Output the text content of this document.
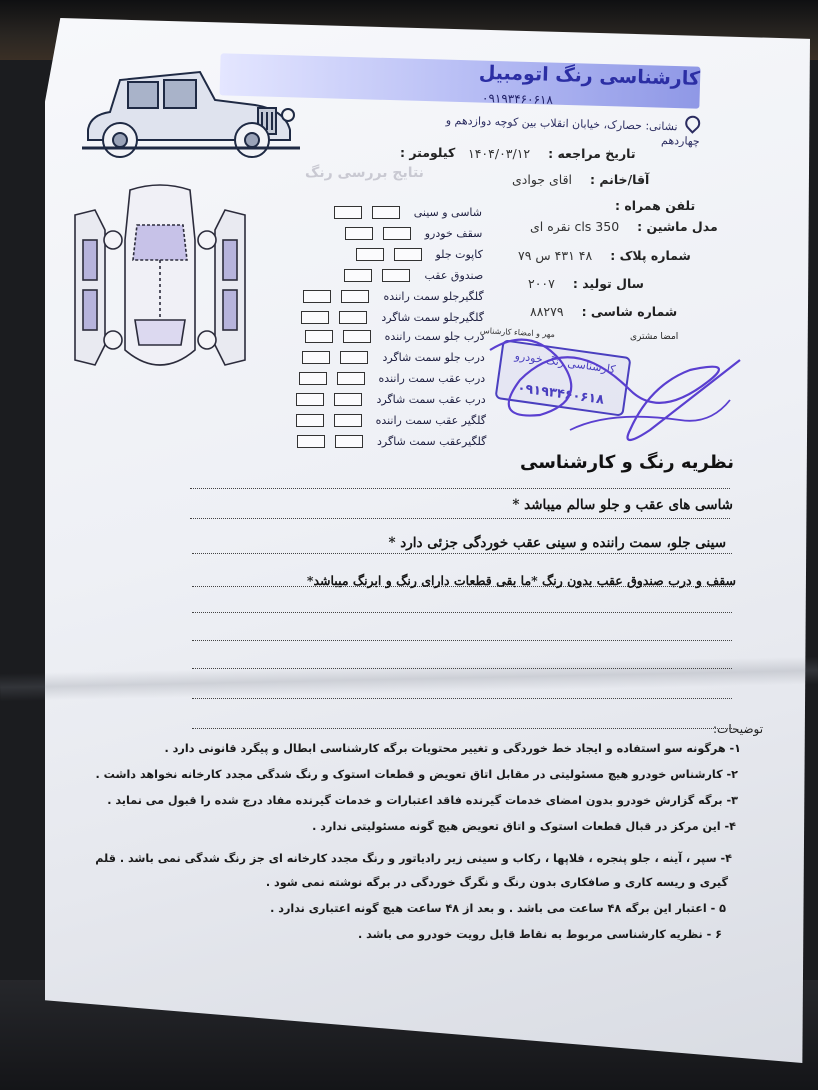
کارشناسی رنگ اتومبیل
۰۹۱۹۳۴۶۰۶۱۸
نشانی: حصارک، خیابان انقلاب بین کوچه دوازدهم و چهاردهم
تاریخ مراجعه : ۱۴۰۴/۰۳/۱۲
کیلومتر :
آقا/خانم : اقای جوادی
تلفن همراه :
مدل ماشین : cls 350 نقره ای
شماره پلاک : ۴۸ ۴۳۱ س ۷۹
سال تولید : ۲۰۰۷
شماره شاسی : ۸۸۲۷۹
امضا مشتری
مهر و امضاء کارشناس
نتایج بررسی رنگ
شاسی و سینی
سقف خودرو
کاپوت جلو
صندوق عقب
گلگیرجلو سمت راننده
گلگیرجلو سمت شاگرد
درب جلو سمت راننده
درب جلو سمت شاگرد
درب عقب سمت راننده
درب عقب سمت شاگرد
گلگیر عقب سمت راننده
گلگیرعقب سمت شاگرد
کارشناسی رنگ خودرو
۰۹۱۹۳۴۶۰۶۱۸
نظریه رنگ و کارشناسی
شاسی های عقب و جلو سالم میباشد *
سینی جلو، سمت راننده و سینی عقب خوردگی جزئی دارد *
سقف و درب صندوق عقب بدون رنگ *ما بقی قطعات دارای رنگ و ابرنگ میباشد*
توضیحات:
۱- هرگونه سو استفاده و ایجاد خط خوردگی و تغییر محتویات برگه کارشناسی ابطال و پیگرد قانونی دارد .
۲- کارشناس خودرو هیچ مسئولیتی در مقابل اتاق تعویض و قطعات استوک و رنگ شدگی مجدد کارخانه نخواهد داشت .
۳- برگه گزارش خودرو بدون امضای خدمات گیرنده فاقد اعتبارات و خدمات گیرنده مفاد درج شده را قبول می نماید .
۴- این مرکز در قبال قطعات استوک و اتاق تعویض هیچ گونه مسئولیتی ندارد .
۴- سپر ، آینه ، جلو پنجره ، فلاپها ، رکاب و سینی زیر رادیاتور و رنگ مجدد کارخانه ای جز رنگ شدگی نمی باشد . قلم
گیری و ریسه کاری و صافکاری بدون رنگ و نگرگ خوردگی در برگه نوشته نمی شود .
۵ - اعتبار این برگه ۴۸ ساعت می باشد . و بعد از ۴۸ ساعت هیچ گونه اعتباری ندارد .
۶ - نظریه کارشناسی مربوط به نقاط قابل رویت خودرو می باشد .
